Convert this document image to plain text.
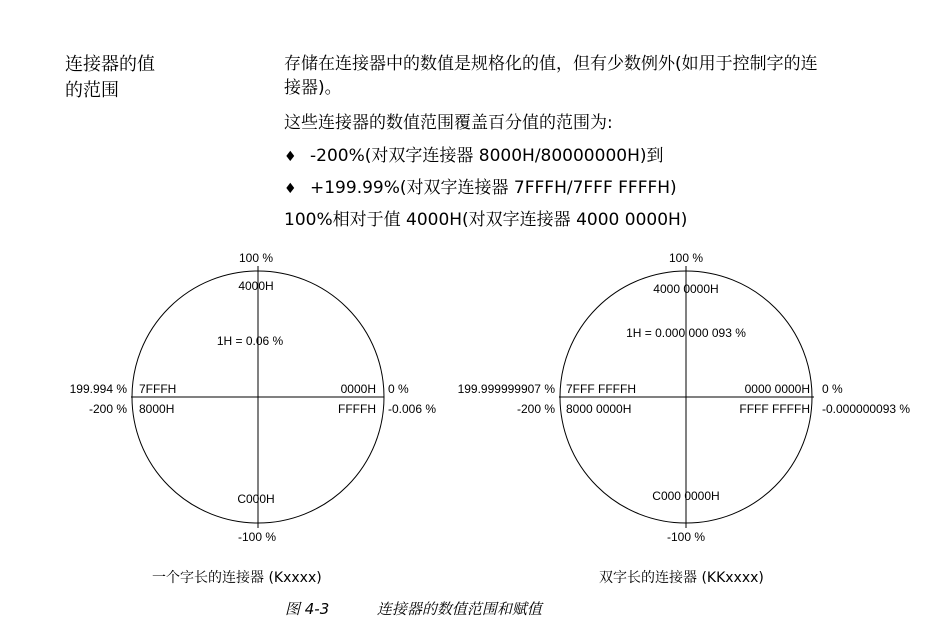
连接器的值
的范围
存储在连接器中的数值是规格化的值，但有少数例外(如用于控制字的连
接器)。
这些连接器的数值范围覆盖百分值的范围为:
♦ -200%(对双字连接器 8000H/80000000H)到
♦ +199.99%(对双字连接器 7FFFH/7FFF FFFFH)
100%相对于值 4000H(对双字连接器 4000 0000H)
100 %
4000H
1H = 0.06 %
199.994 % 7FFFH
-200 % 8000H
0000H 0 %
FFFFH -0.006 %
C000H
-100 %
100 %
4000 0000H
1H = 0.000 000 093 %
199.999999907 % 7FFF FFFFH
-200 % 8000 0000H
0000 0000H 0 %
FFFF FFFFH -0.000000093 %
C000 0000H
-100 %
一个字长的连接器 (Kxxxx)	双字长的连接器 (KKxxxx)
图 4-3	连接器的数值范围和赋值
